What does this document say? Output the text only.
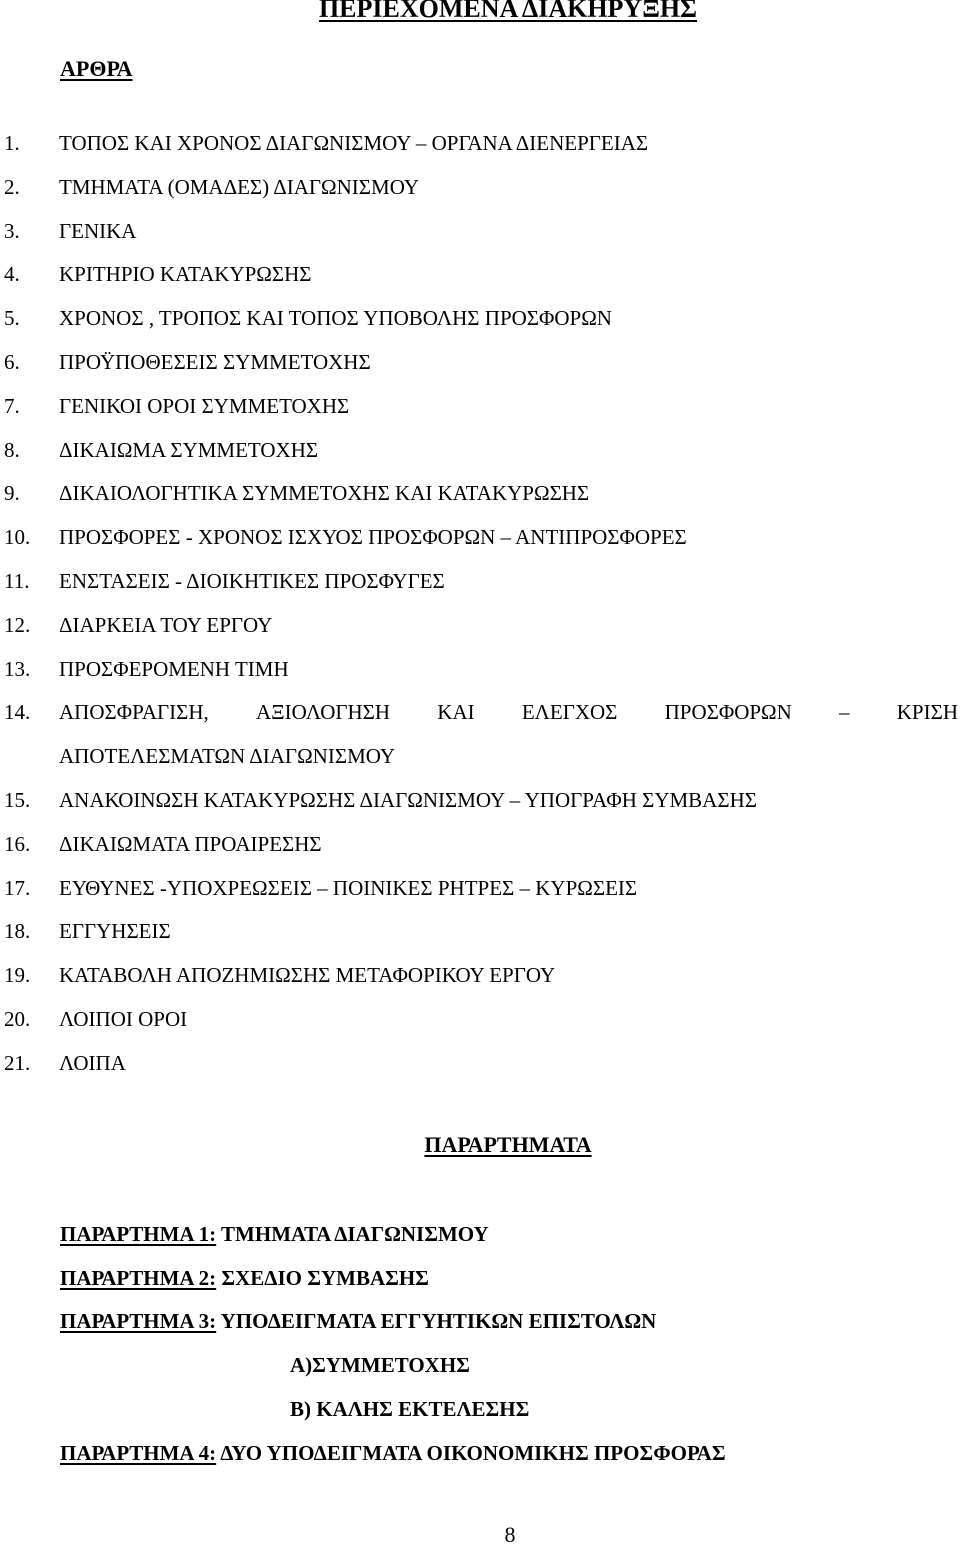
ΠΕΡΙΕΧΟΜΕΝΑ ΔΙΑΚΗΡΥΞΗΣ
ΑΡΘΡΑ
1. ΤΟΠΟΣ ΚΑΙ ΧΡΟΝΟΣ ΔΙΑΓΩΝΙΣΜΟΥ – ΟΡΓΑΝΑ ΔΙΕΝΕΡΓΕΙΑΣ
2. ΤΜΗΜΑΤΑ (ΟΜΑΔΕΣ) ΔΙΑΓΩΝΙΣΜΟΥ
3. ΓΕΝΙΚΑ
4. ΚΡΙΤΗΡΙΟ ΚΑΤΑΚΥΡΩΣΗΣ
5. ΧΡΟΝΟΣ , ΤΡΟΠΟΣ ΚΑΙ ΤΟΠΟΣ ΥΠΟΒΟΛΗΣ ΠΡΟΣΦΟΡΩΝ
6. ΠΡΟΫΠΟΘΕΣΕΙΣ ΣΥΜΜΕΤΟΧΗΣ
7. ΓΕΝΙΚΟΙ ΟΡΟΙ ΣΥΜΜΕΤΟΧΗΣ
8. ΔΙΚΑΙΩΜΑ ΣΥΜΜΕΤΟΧΗΣ
9. ΔΙΚΑΙΟΛΟΓΗΤΙΚΑ ΣΥΜΜΕΤΟΧΗΣ ΚΑΙ ΚΑΤΑΚΥΡΩΣΗΣ
10. ΠΡΟΣΦΟΡΕΣ - ΧΡΟΝΟΣ ΙΣΧΥΟΣ ΠΡΟΣΦΟΡΩΝ – ΑΝΤΙΠΡΟΣΦΟΡΕΣ
11. ΕΝΣΤΑΣΕΙΣ - ΔΙΟΙΚΗΤΙΚΕΣ ΠΡΟΣΦΥΓΕΣ
12. ΔΙΑΡΚΕΙΑ ΤΟΥ ΕΡΓΟΥ
13. ΠΡΟΣΦΕΡΟΜΕΝΗ ΤΙΜΗ
14. ΑΠΟΣΦΡΑΓΙΣΗ, ΑΞΙΟΛΟΓΗΣΗ ΚΑΙ ΕΛΕΓΧΟΣ ΠΡΟΣΦΟΡΩΝ – ΚΡΙΣΗ
ΑΠΟΤΕΛΕΣΜΑΤΩΝ ΔΙΑΓΩΝΙΣΜΟΥ
15. ΑΝΑΚΟΙΝΩΣΗ ΚΑΤΑΚΥΡΩΣΗΣ ΔΙΑΓΩΝΙΣΜΟΥ – ΥΠΟΓΡΑΦΗ ΣΥΜΒΑΣΗΣ
16. ΔΙΚΑΙΩΜΑΤΑ ΠΡΟΑΙΡΕΣΗΣ
17. ΕΥΘΥΝΕΣ -ΥΠΟΧΡΕΩΣΕΙΣ – ΠΟΙΝΙΚΕΣ ΡΗΤΡΕΣ – ΚΥΡΩΣΕΙΣ
18. ΕΓΓΥΗΣΕΙΣ
19. ΚΑΤΑΒΟΛΗ ΑΠΟΖΗΜΙΩΣΗΣ ΜΕΤΑΦΟΡΙΚΟΥ ΕΡΓΟΥ
20. ΛΟΙΠΟΙ ΟΡΟΙ
21. ΛΟΙΠΑ
ΠΑΡΑΡΤΗΜΑΤΑ
ΠΑΡΑΡΤΗΜΑ 1: ΤΜΗΜΑΤΑ ΔΙΑΓΩΝΙΣΜΟΥ
ΠΑΡΑΡΤΗΜΑ 2: ΣΧΕΔΙΟ ΣΥΜΒΑΣΗΣ
ΠΑΡΑΡΤΗΜΑ 3: ΥΠΟΔΕΙΓΜΑΤΑ ΕΓΓΥΗΤΙΚΩΝ ΕΠΙΣΤΟΛΩΝ
Α)ΣΥΜΜΕΤΟΧΗΣ
Β) ΚΑΛΗΣ ΕΚΤΕΛΕΣΗΣ
ΠΑΡΑΡΤΗΜΑ 4: ΔΥΟ ΥΠΟΔΕΙΓΜΑΤΑ ΟΙΚΟΝΟΜΙΚΗΣ ΠΡΟΣΦΟΡΑΣ
8
